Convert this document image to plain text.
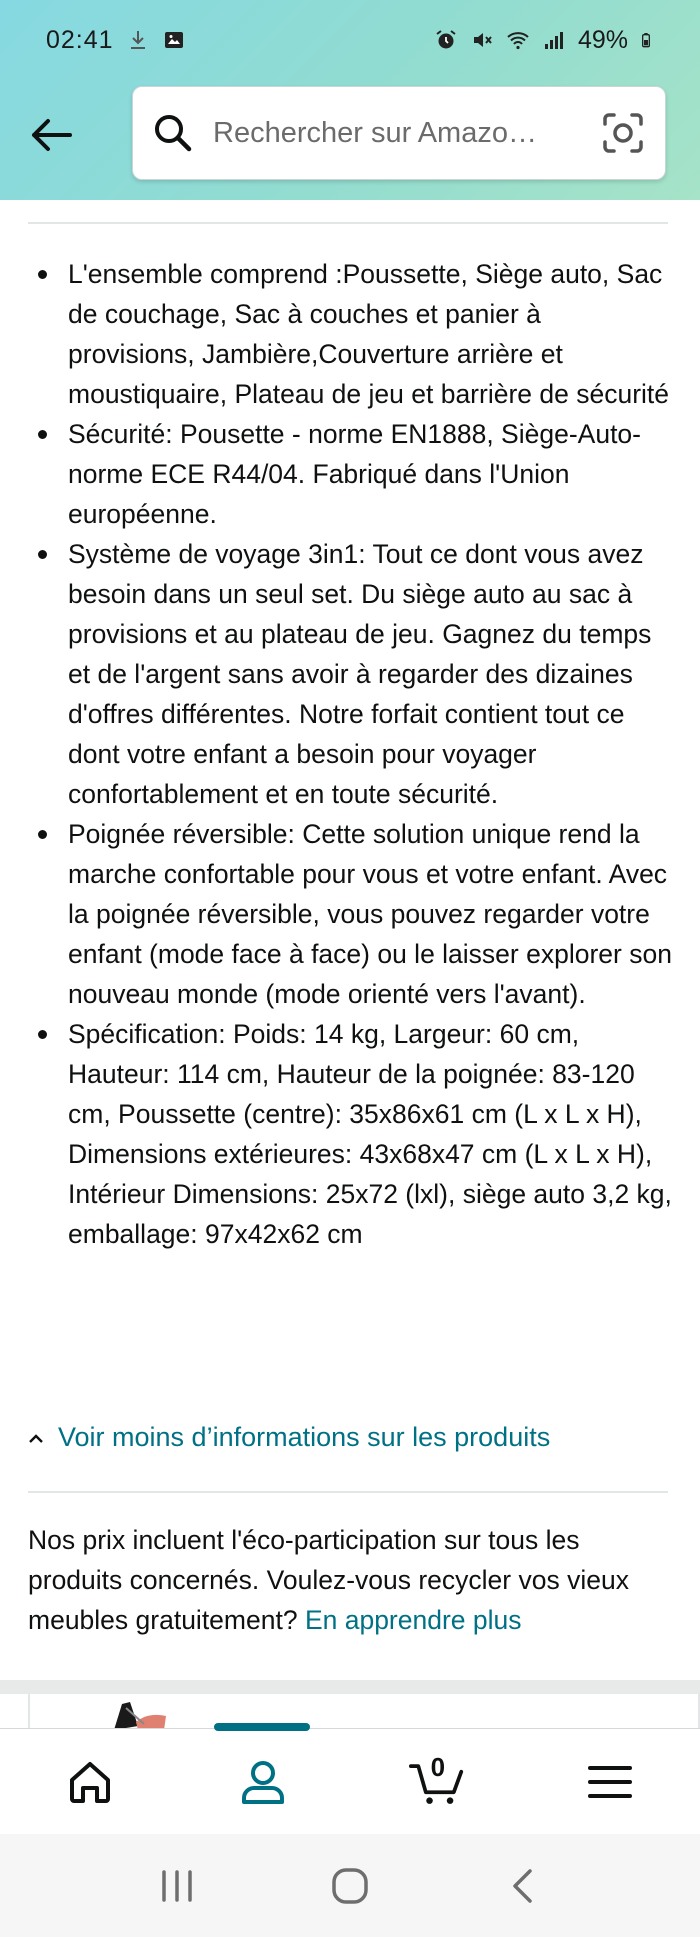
02:41	49%
Rechercher sur Amazo…
L'ensemble comprend :Poussette, Siège auto, Sac de couchage, Sac à couches et panier à provisions, Jambière,Couverture arrière et moustiquaire, Plateau de jeu et barrière de sécurité
Sécurité: Pousette - norme EN1888, Siège-Auto- norme ECE R44/04. Fabriqué dans l'Union européenne.
Système de voyage 3in1: Tout ce dont vous avez besoin dans un seul set. Du siège auto au sac à provisions et au plateau de jeu. Gagnez du temps et de l'argent sans avoir à regarder des dizaines d'offres différentes. Notre forfait contient tout ce dont votre enfant a besoin pour voyager confortablement et en toute sécurité.
Poignée réversible: Cette solution unique rend la marche confortable pour vous et votre enfant. Avec la poignée réversible, vous pouvez regarder votre enfant (mode face à face) ou le laisser explorer son nouveau monde (mode orienté vers l'avant).
Spécification: Poids: 14 kg, Largeur: 60 cm, Hauteur: 114 cm, Hauteur de la poignée: 83-120 cm, Poussette (centre): 35x86x61 cm (L x L x H), Dimensions extérieures: 43x68x47 cm (L x L x H), Intérieur Dimensions: 25x72 (lxl), siège auto 3,2 kg, emballage: 97x42x62 cm
Voir moins d’informations sur les produits

Nos prix incluent l'éco-participation sur tous les produits concernés. Voulez-vous recycler vos vieux meubles gratuitement? En apprendre plus

0
